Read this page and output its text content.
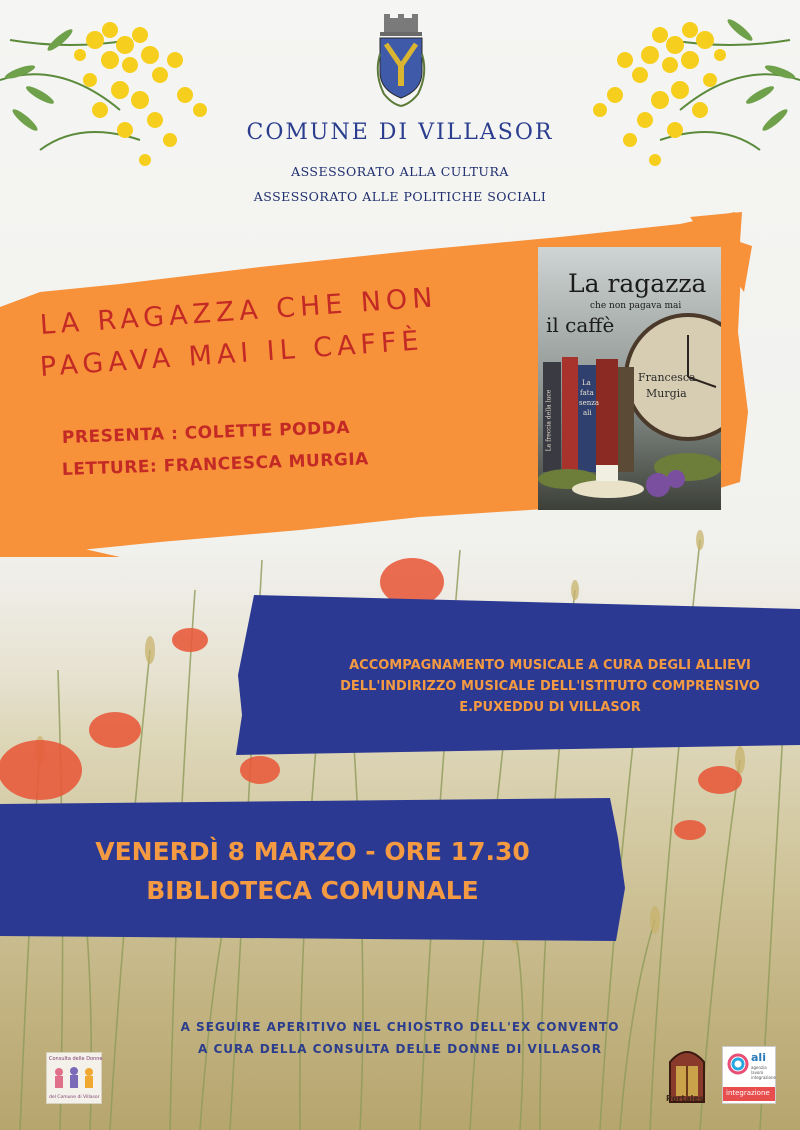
COMUNE DI VILLASOR
ASSESSORATO ALLA CULTURA
ASSESSORATO ALLE POLITICHE SOCIALI
LA RAGAZZA CHE NON
PAGAVA MAI IL CAFFÈ
PRESENTA : COLETTE PODDA
LETTURE: FRANCESCA MURGIA
La ragazza
che non pagava mai
il caffè
Francesca
Murgia
La freccia della luce
La
fata
senza
ali
ACCOMPAGNAMENTO MUSICALE A CURA DEGLI ALLIEVI
DELL'INDIRIZZO MUSICALE DELL'ISTITUTO COMPRENSIVO
E.PUXEDDU DI VILLASOR
VENERDÌ 8 MARZO - ORE 17.30
BIBLIOTECA COMUNALE
A SEGUIRE APERITIVO NEL CHIOSTRO DELL'EX CONVENTO
A CURA DELLA CONSULTA DELLE DONNE DI VILLASOR
Consulta delle Donne
del Comune di Villasor	Portales
ali
agenzia
lavoro
integrazione
integrazione
